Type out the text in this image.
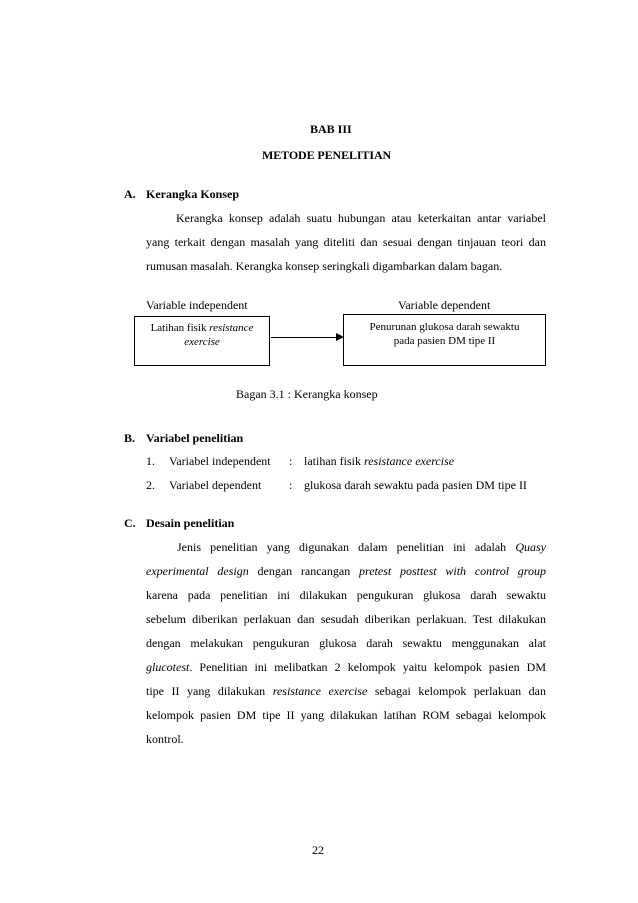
BAB III
METODE PENELITIAN
A. Kerangka Konsep
Kerangka konsep adalah suatu hubungan atau keterkaitan antar variabel
yang terkait dengan masalah yang diteliti dan sesuai dengan tinjauan teori dan
rumusan masalah. Kerangka konsep seringkali digambarkan dalam bagan.
Variable independent	Variable dependent
Latihan fisik resistance
exercise
Penurunan glukosa darah sewaktu
pada pasien DM tipe II
Bagan 3.1 : Kerangka konsep
B. Variabel penelitian
1. Variabel independent : latihan fisik resistance exercise
2. Variabel dependent : glukosa darah sewaktu pada pasien DM tipe II
C. Desain penelitian
Jenis penelitian yang digunakan dalam penelitian ini adalah Quasy
experimental design dengan rancangan pretest posttest with control group
karena pada penelitian ini dilakukan pengukuran glukosa darah sewaktu
sebelum diberikan perlakuan dan sesudah diberikan perlakuan. Test dilakukan
dengan melakukan pengukuran glukosa darah sewaktu menggunakan alat
glucotest. Penelitian ini melibatkan 2 kelompok yaitu kelompok pasien DM
tipe II yang dilakukan resistance exercise sebagai kelompok perlakuan dan
kelompok pasien DM tipe II yang dilakukan latihan ROM sebagai kelompok
kontrol.
22
